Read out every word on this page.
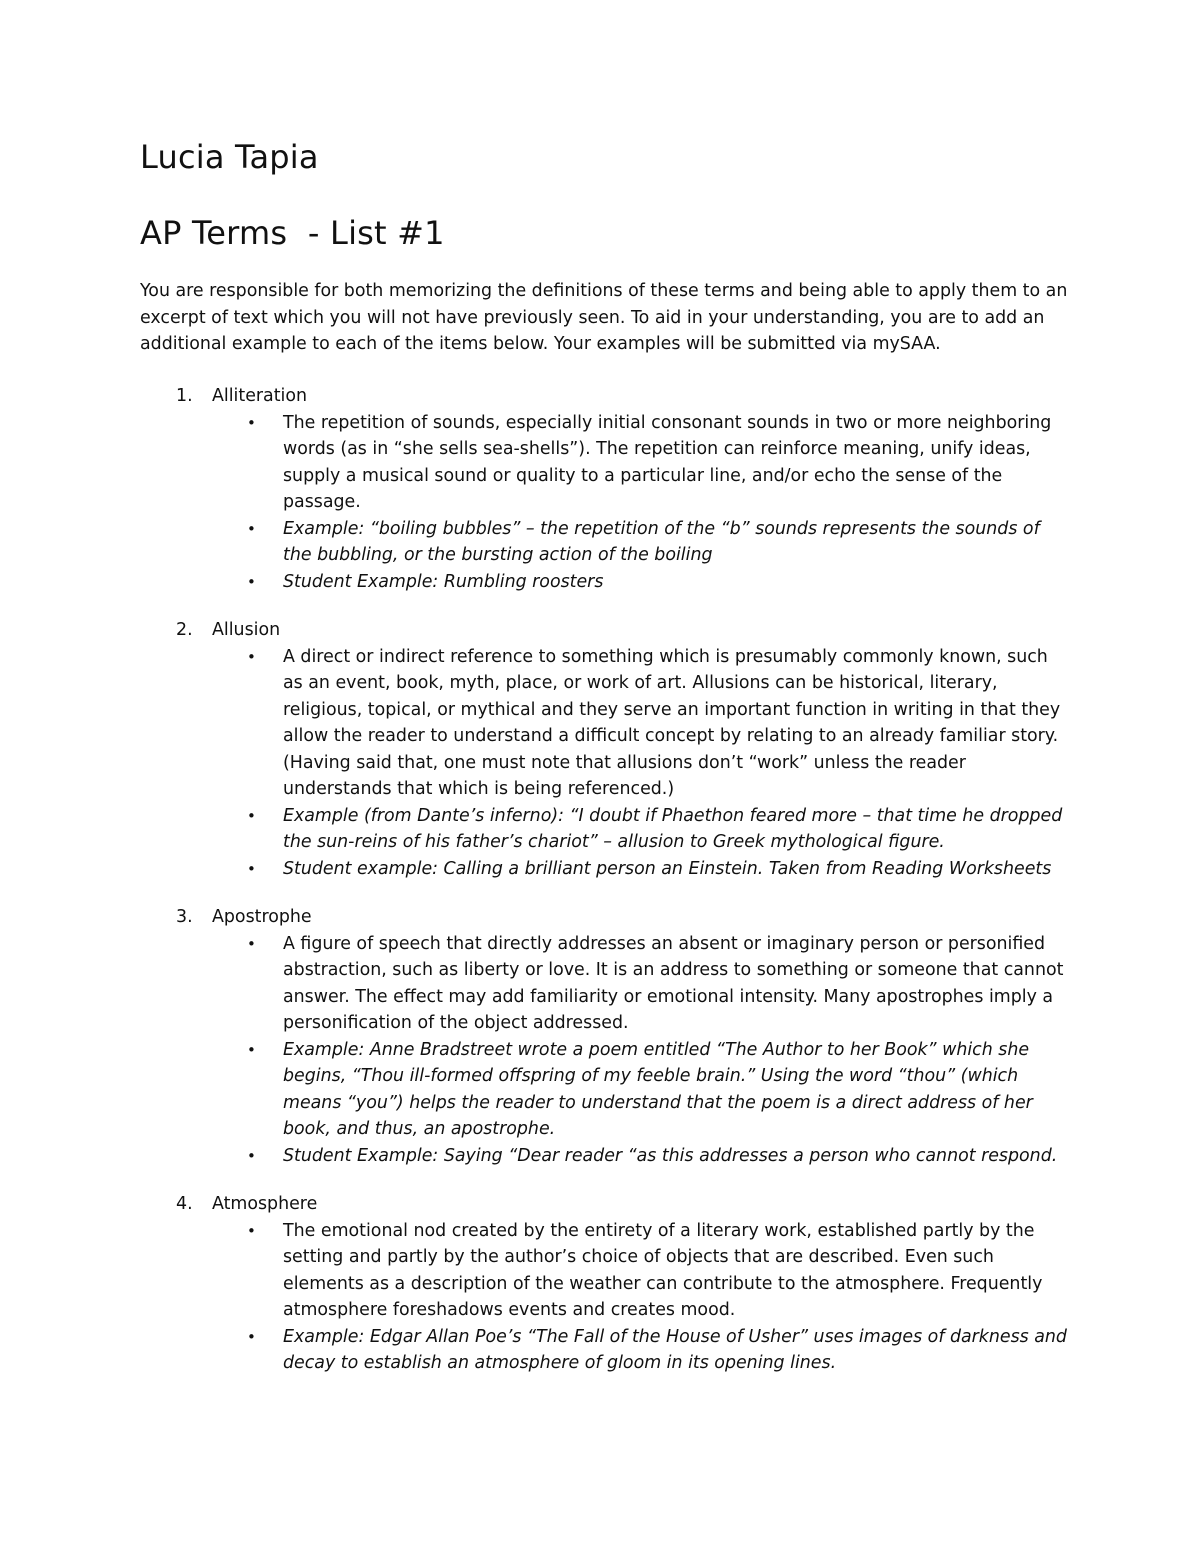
Lucia Tapia
AP Terms  - List #1

You are responsible for both memorizing the definitions of these terms and being able to apply them to an excerpt of text which you will not have previously seen. To aid in your understanding, you are to add an additional example to each of the items below. Your examples will be submitted via mySAA.

1. Alliteration
• The repetition of sounds, especially initial consonant sounds in two or more neighboring words (as in “she sells sea-shells”). The repetition can reinforce meaning, unify ideas, supply a musical sound or quality to a particular line, and/or echo the sense of the passage.
• Example: “boiling bubbles” – the repetition of the “b” sounds represents the sounds of the bubbling, or the bursting action of the boiling
• Student Example: Rumbling roosters
2. Allusion
• A direct or indirect reference to something which is presumably commonly known, such as an event, book, myth, place, or work of art. Allusions can be historical, literary, religious, topical, or mythical and they serve an important function in writing in that they allow the reader to understand a difficult concept by relating to an already familiar story. (Having said that, one must note that allusions don’t “work” unless the reader understands that which is being referenced.)
• Example (from Dante’s inferno): “I doubt if Phaethon feared more – that time he dropped the sun-reins of his father’s chariot” – allusion to Greek mythological figure.
• Student example: Calling a brilliant person an Einstein. Taken from Reading Worksheets
3. Apostrophe
• A figure of speech that directly addresses an absent or imaginary person or personified abstraction, such as liberty or love. It is an address to something or someone that cannot answer. The effect may add familiarity or emotional intensity. Many apostrophes imply a personification of the object addressed.
• Example: Anne Bradstreet wrote a poem entitled “The Author to her Book” which she begins, “Thou ill-formed offspring of my feeble brain.” Using the word “thou” (which means “you”) helps the reader to understand that the poem is a direct address of her book, and thus, an apostrophe.
• Student Example: Saying “Dear reader “as this addresses a person who cannot respond.
4. Atmosphere
• The emotional nod created by the entirety of a literary work, established partly by the setting and partly by the author’s choice of objects that are described. Even such elements as a description of the weather can contribute to the atmosphere. Frequently atmosphere foreshadows events and creates mood.
• Example: Edgar Allan Poe’s “The Fall of the House of Usher” uses images of darkness and decay to establish an atmosphere of gloom in its opening lines.
